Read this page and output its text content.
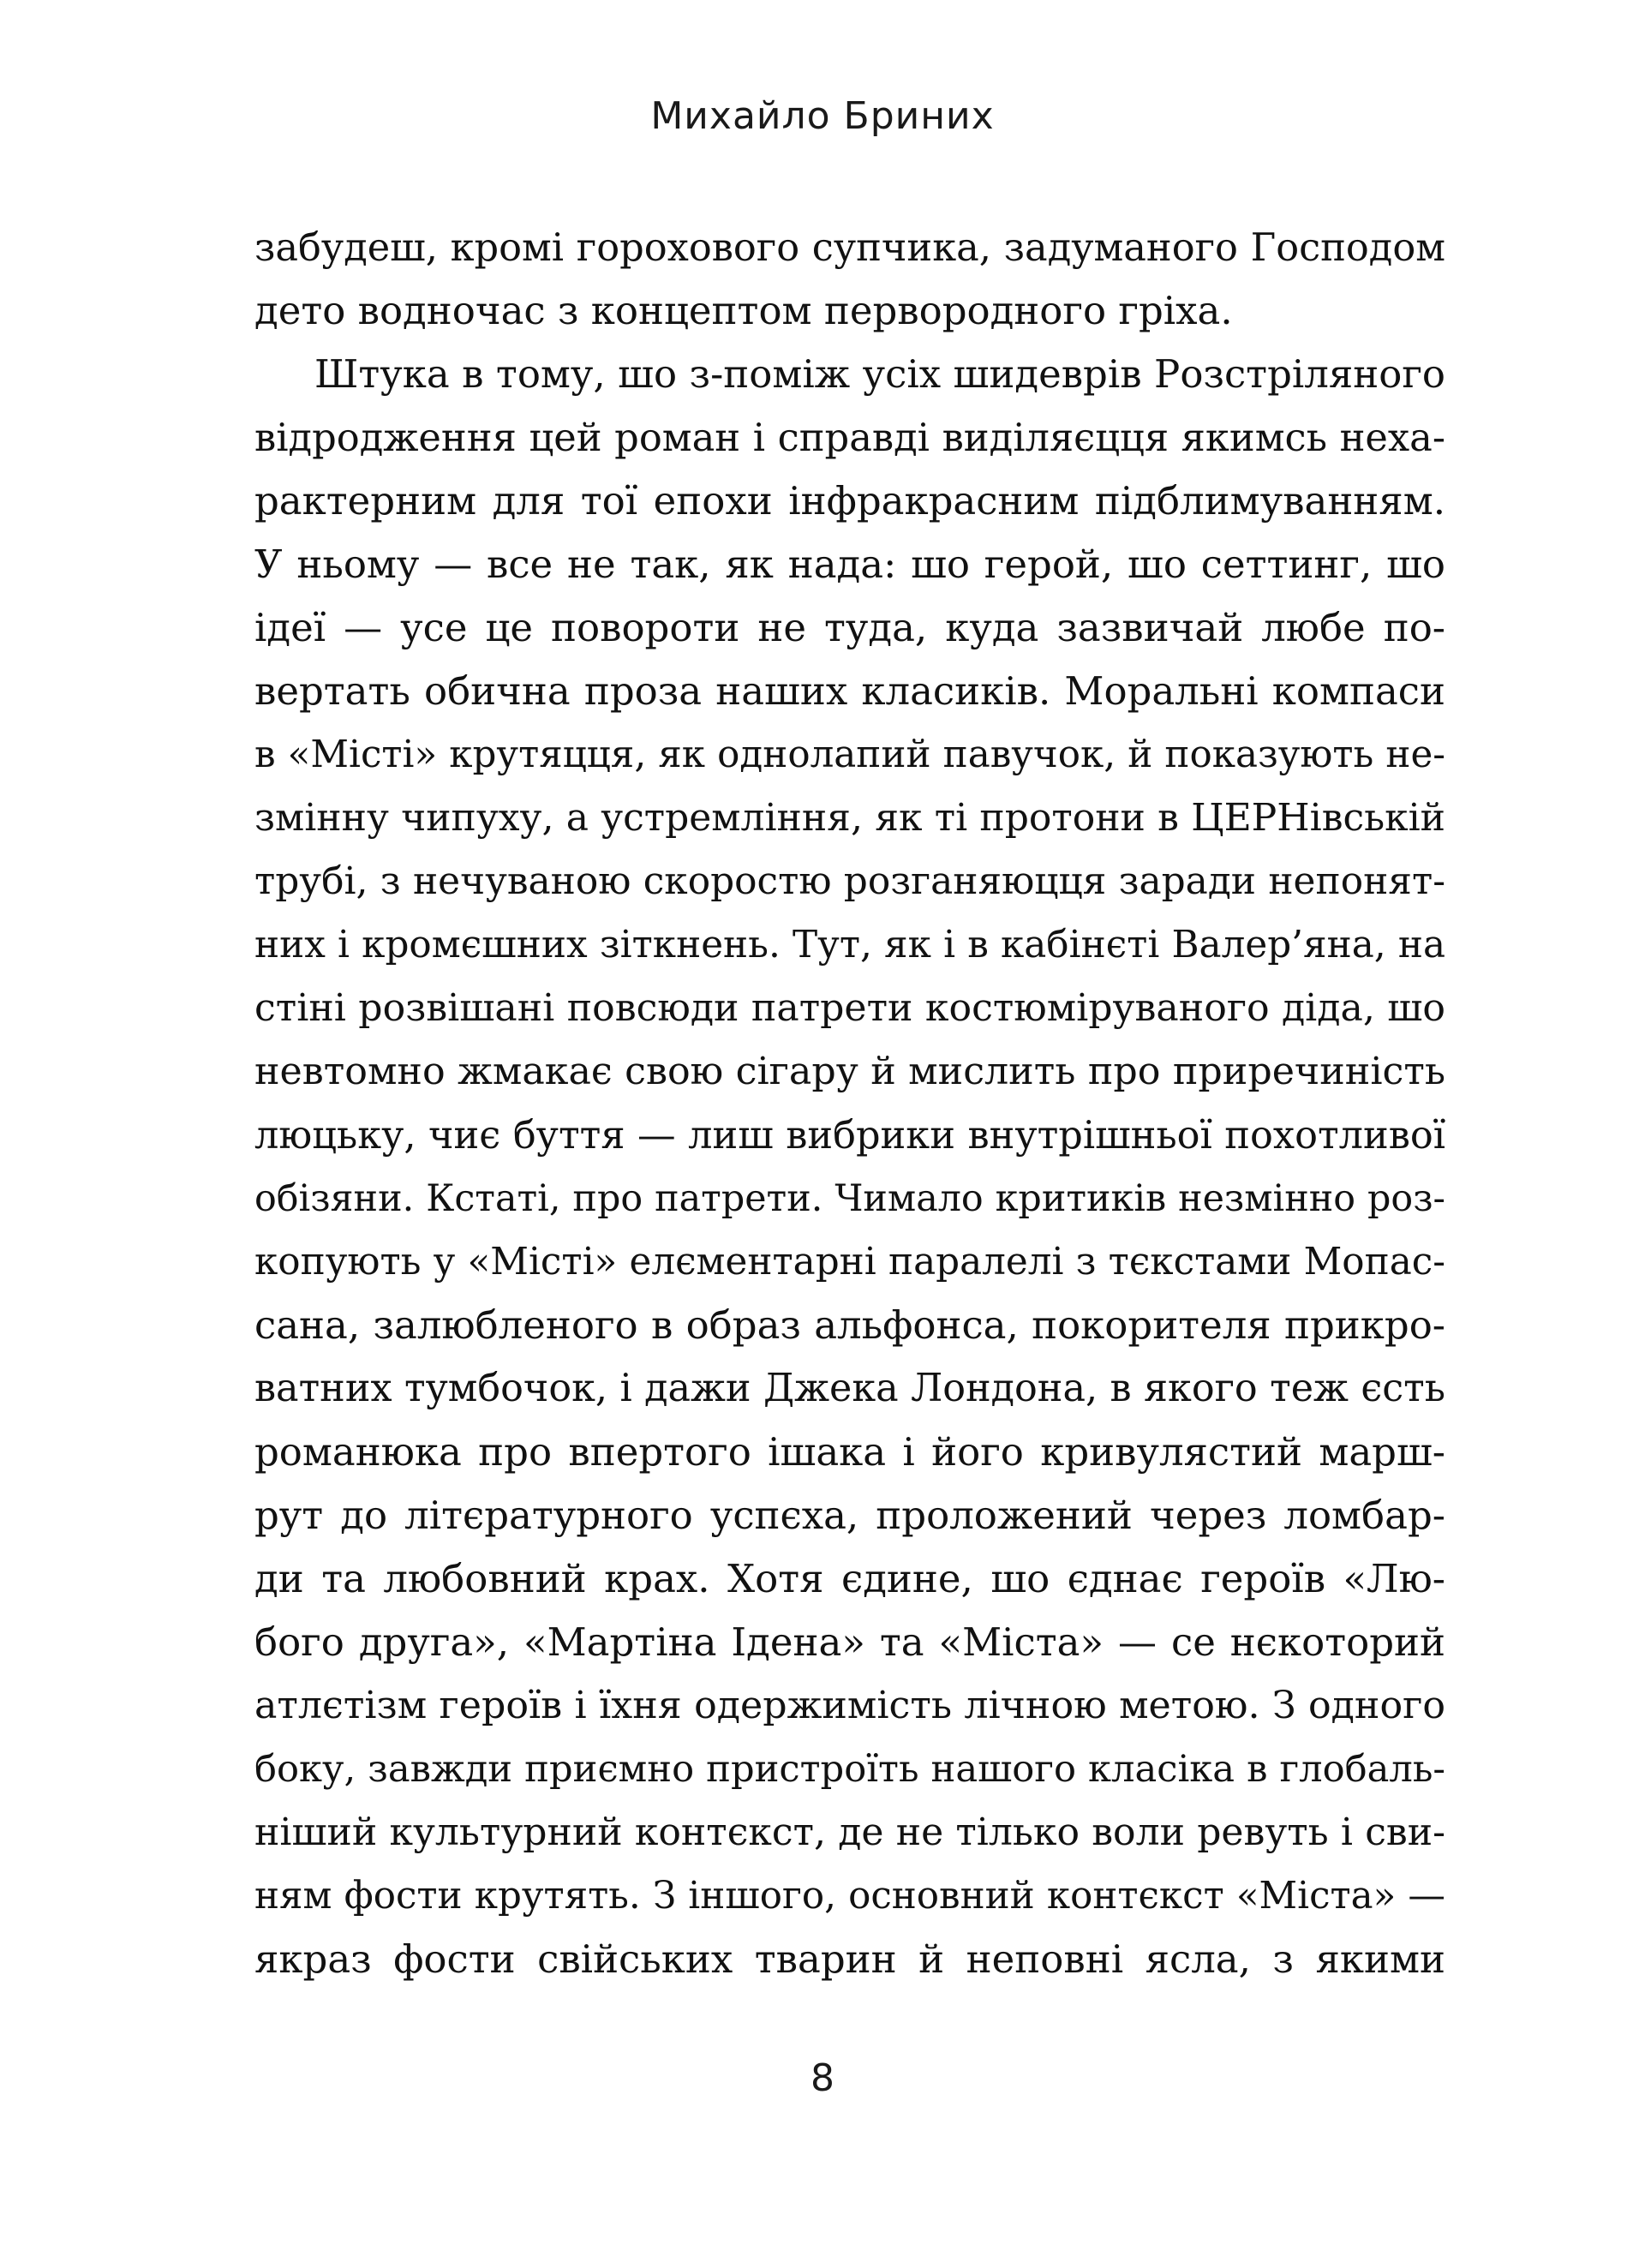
Михайло Бриних
забудеш, кромі горохового супчика, задуманого Господом
дето водночас з концептом первородного гріха.
Штука в тому, шо з-поміж усіх шидеврів Розстріляного
відродження цей роман і справді виділяєцця якимсь неха-
рактерним для тої епохи інфракрасним підблимуванням.
У ньому — все не так, як нада: шо герой, шо сеттинг, шо
ідеї — усе це повороти не туда, куда зазвичай любе по-
вертать обична проза наших класиків. Моральні компаси
в «Місті» крутяцця, як однолапий павучок, й показують не-
змінну чипуху, а устремління, як ті протони в ЦЕРНівській
трубі, з нечуваною скоростю розганяюцця заради непонят-
них і кромєшних зіткнень. Тут, як і в кабінєті Валер’яна, на
стіні розвішані повсюди патрети костюміруваного діда, шо
невтомно жмакає свою сігару й мислить про приречиність
люцьку, чиє буття — лиш вибрики внутрішньої похотливої
обізяни. Кстаті, про патрети. Чимало критиків незмінно роз-
копують у «Місті» елєментарні паралелі з тєкстами Мопас-
сана, залюбленого в образ альфонса, покорителя прикро-
ватних тумбочок, і дажи Джека Лондона, в якого теж єсть
романюка про впертого ішака і його кривулястий марш-
рут до літєратурного успєха, проложений через ломбар-
ди та любовний крах. Хотя єдине, шо єднає героїв «Лю-
бого друга», «Мартіна Ідена» та «Міста» — се нєкоторий
атлєтізм героїв і їхня одержимість лічною метою. З одного
боку, завжди приємно пристроїть нашого класіка в глобаль-
ніший культурний контєкст, де не тілько воли ревуть і сви-
ням фости крутять. З іншого, основний контєкст «Міста» —
якраз фости свійських тварин й неповні ясла, з якими
8
